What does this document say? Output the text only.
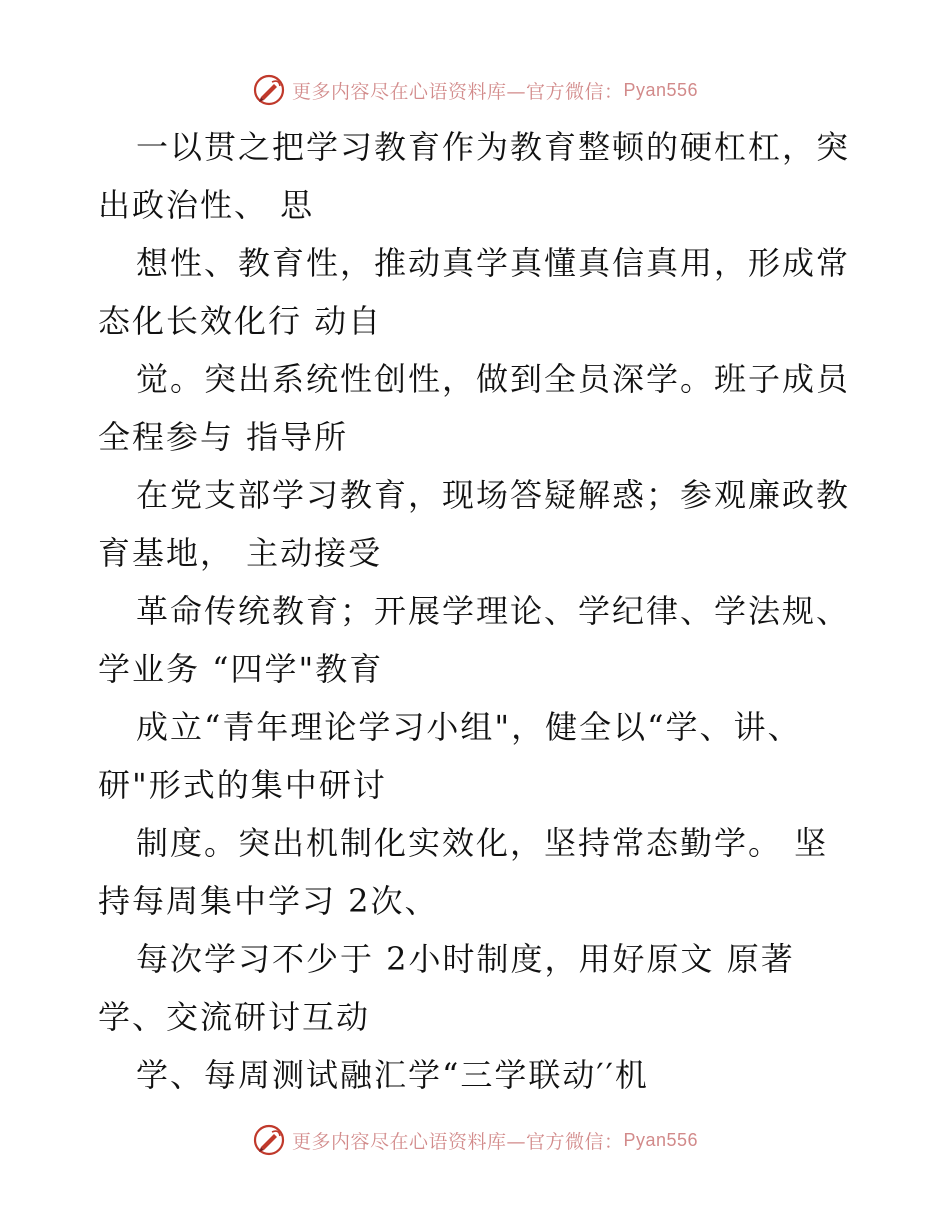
更多内容尽在心语资料库—官方微信： Pyan556

一以贯之把学习教育作为教育整顿的硬杠杠，突出政治性、 思

想性、教育性，推动真学真懂真信真用，形成常态化长效化行 动自

觉。突出系统性创性，做到全员深学。班子成员全程参与 指导所

在党支部学习教育，现场答疑解惑；参观廉政教育基地， 主动接受

革命传统教育；开展学理论、学纪律、学法规、学业务 “四学"教育

成立“青年理论学习小组"，健全以“学、讲、研"形式的集中研讨

制度。突出机制化实效化，坚持常态勤学。 坚持每周集中学习 2次、

每次学习不少于 2小时制度，用好原文 原著学、交流研讨互动

学、每周测试融汇学“三学联动′′机

更多内容尽在心语资料库—官方微信： Pyan556
